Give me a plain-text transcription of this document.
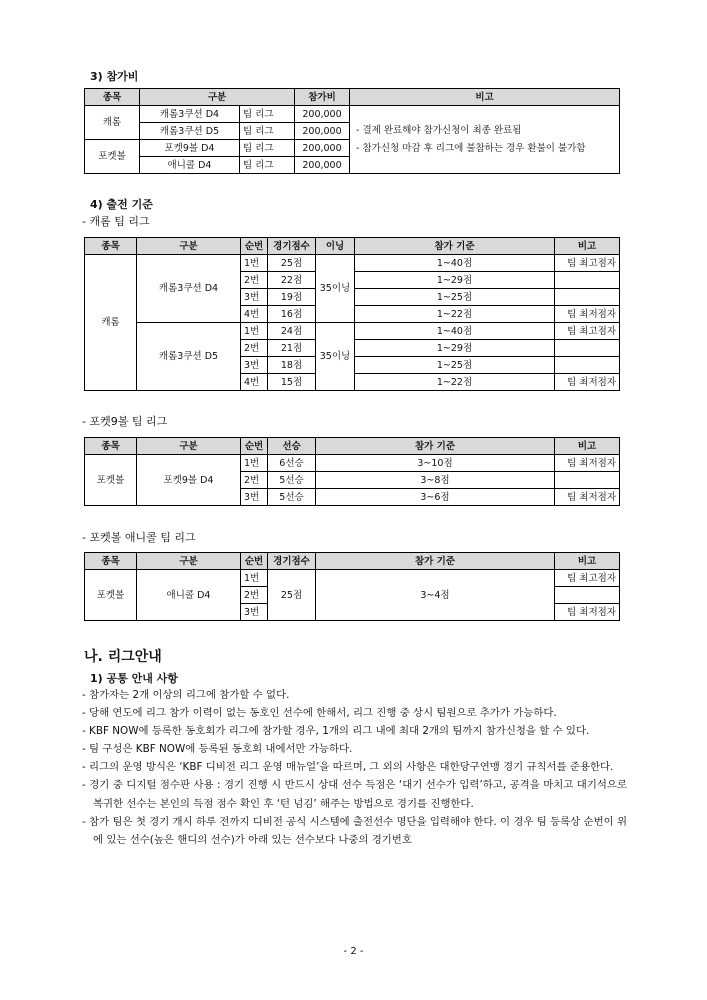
3) 참가비
종목	구분		참가비	비고
캐롬	캐롬3쿠션 D4	팀 리그	200,000	- 결제 완료해야 참가신청이 최종 완료됨
- 참가신청 마감 후 리그에 불참하는 경우 환불이 불가함

	캐롬3쿠션 D5	팀 리그	200,000	
포켓볼	포켓9볼 D4	팀 리그	200,000	
	애니콜 D4	팀 리그	200,000	
4) 출전 기준
- 캐롬 팀 리그
종목	구분	순번	경기점수	이닝	참가 기준	비고
캐롬	캐롬3쿠션 D4	1번	25점	35이닝	1~40점	팀 최고점자
		2번	22점		1~29점	
		3번	19점		1~25점	
		4번	16점		1~22점	팀 최저점자
	캐롬3쿠션 D5	1번	24점	35이닝	1~40점	팀 최고점자
		2번	21점		1~29점	
		3번	18점		1~25점	
		4번	15점		1~22점	팀 최저점자
- 포켓9볼 팀 리그
종목	구분	순번	선승	참가 기준	비고
포켓볼	포켓9볼 D4	1번	6선승	3~10점	팀 최저점자
		2번	5선승	3~8점	
		3번	5선승	3~6점	팀 최저점자
- 포켓볼 애니콜 팀 리그
종목	구분	순번	경기점수	참가 기준	비고
포켓볼	애니콜 D4	1번	25점	3~4점	팀 최고점자
		2번			
		3번			팀 최저점자
나. 리그안내
1) 공통 안내 사항

- 참가자는 2개 이상의 리그에 참가할 수 없다.

- 당해 연도에 리그 참가 이력이 없는 동호인 선수에 한해서, 리그 진행 중 상시 팀원으로 추가가 가능하다.

- KBF NOW에 등록한 동호회가 리그에 참가할 경우, 1개의 리그 내에 최대 2개의 팀까지 참가신청을 할 수 있다.

- 팀 구성은 KBF NOW에 등록된 동호회 내에서만 가능하다.

- 리그의 운영 방식은 ‘KBF 디비전 리그 운영 매뉴얼’을 따르며, 그 외의 사항은 대한당구연맹 경기 규칙서를 준용한다.

- 경기 중 디지털 점수판 사용 : 경기 진행 시 반드시 상대 선수 득점은 ‘대기 선수가 입력’하고, 공격을 마치고 대기석으로 복귀한 선수는 본인의 득점 점수 확인 후 ‘턴 넘김’ 해주는 방법으로 경기를 진행한다.

- 참가 팀은 첫 경기 개시 하루 전까지 디비전 공식 시스템에 출전선수 명단을 입력해야 한다. 이 경우 팀 등록상 순번이 위에 있는 선수(높은 핸디의 선수)가 아래 있는 선수보다 나중의 경기번호

- 2 -
